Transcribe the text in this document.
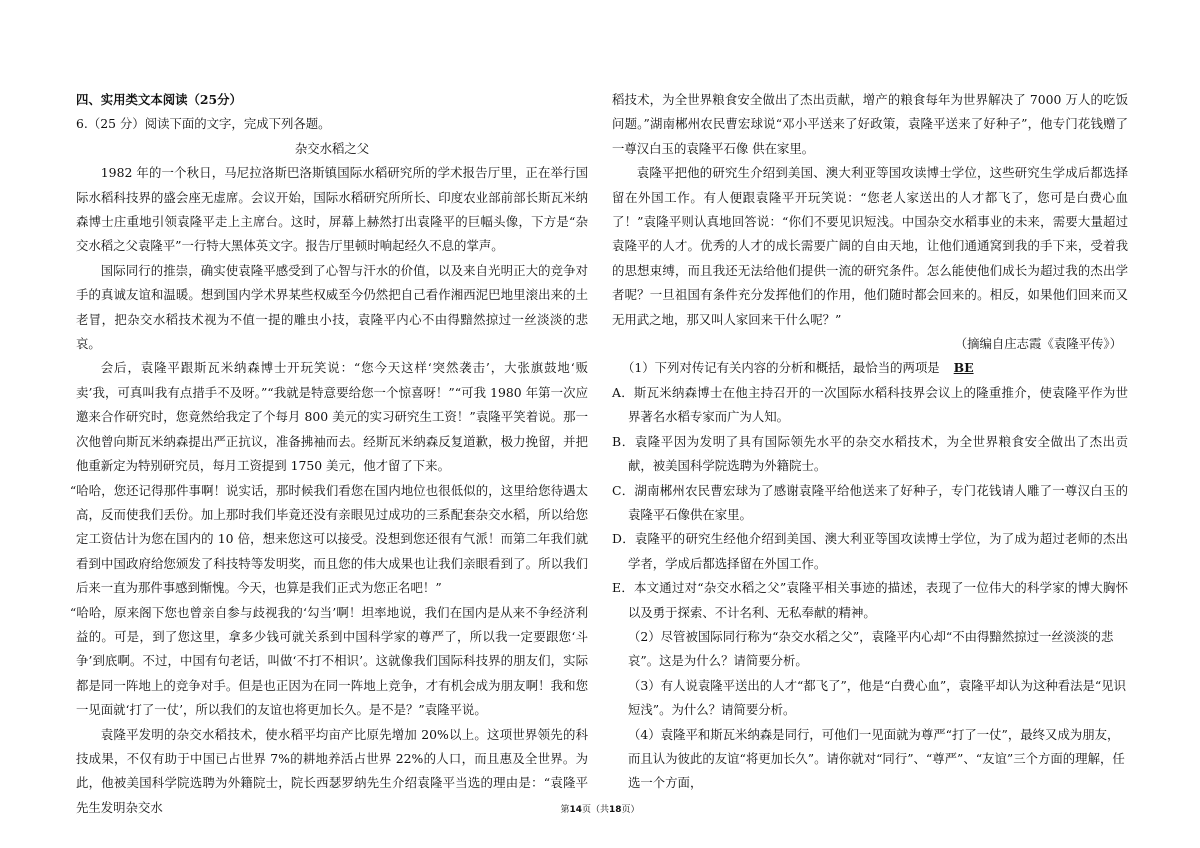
四、实用类文本阅读（25分）

6.（25 分）阅读下面的文字，完成下列各题。

杂交水稻之父

1982 年的一个秋日，马尼拉洛斯巴洛斯镇国际水稻研究所的学术报告厅里，正在举行国际水稻科技界的盛会座无虚席。会议开始，国际水稻研究所所长、印度农业部前部长斯瓦米纳森博士庄重地引领袁隆平走上主席台。这时，屏幕上赫然打出袁隆平的巨幅头像，下方是“杂交水稻之父袁隆平”一行特大黑体英文字。报告厅里顿时响起经久不息的掌声。

国际同行的推崇，确实使袁隆平感受到了心智与汗水的价值，以及来自光明正大的竞争对手的真诚友谊和温暖。想到国内学术界某些权威至今仍然把自己看作湘西泥巴地里滚出来的土老冒，把杂交水稻技术视为不值一提的雕虫小技，袁隆平内心不由得黯然掠过一丝淡淡的悲哀。

会后，袁隆平跟斯瓦米纳森博士开玩笑说：“您今天这样‘突然袭击’，大张旗鼓地‘贩卖’我，可真叫我有点措手不及呀。”“我就是特意要给您一个惊喜呀！”“可我 1980 年第一次应邀来合作研究时，您竟然给我定了个每月 800 美元的实习研究生工资！”袁隆平笑着说。那一次他曾向斯瓦米纳森提出严正抗议，准备拂袖而去。经斯瓦米纳森反复道歉，极力挽留，并把他重新定为特别研究员，每月工资提到 1750 美元，他才留了下来。

“哈哈，您还记得那件事啊！说实话，那时候我们看您在国内地位也很低似的，这里给您待遇太高，反而使我们丢份。加上那时我们毕竟还没有亲眼见过成功的三系配套杂交水稻，所以给您定工资估计为您在国内的 10 倍，想来您这可以接受。没想到您还很有气派！而第二年我们就看到中国政府给您颁发了科技特等发明奖，而且您的伟大成果也让我们亲眼看到了。所以我们后来一直为那件事感到惭愧。今天，也算是我们正式为您正名吧！”

“哈哈，原来阁下您也曾亲自参与歧视我的‘勾当’啊！坦率地说，我们在国内是从来不争经济利益的。可是，到了您这里，拿多少钱可就关系到中国科学家的尊严了，所以我一定要跟您‘斗争’到底啊。不过，中国有句老话，叫做‘不打不相识’。这就像我们国际科技界的朋友们，实际都是同一阵地上的竞争对手。但是也正因为在同一阵地上竞争，才有机会成为朋友啊！我和您一见面就‘打了一仗’，所以我们的友谊也将更加长久。是不是？”袁隆平说。

袁隆平发明的杂交水稻技术，使水稻平均亩产比原先增加 20%以上。这项世界领先的科技成果，不仅有助于中国已占世界 7%的耕地养活占世界 22%的人口，而且惠及全世界。为此，他被美国科学院选聘为外籍院士，院长西瑟罗纳先生介绍袁隆平当选的理由是：“袁隆平先生发明杂交水

稻技术，为全世界粮食安全做出了杰出贡献，增产的粮食每年为世界解决了 7000 万人的吃饭问题。”湖南郴州农民曹宏球说“邓小平送来了好政策，袁隆平送来了好种子”，他专门花钱赠了一尊汉白玉的袁隆平石像 供在家里。

袁隆平把他的研究生介绍到美国、澳大利亚等国攻读博士学位，这些研究生学成后都选择留在外国工作。有人便跟袁隆平开玩笑说：“您老人家送出的人才都飞了，您可是白费心血了！”袁隆平则认真地回答说：“你们不要见识短浅。中国杂交水稻事业的未来，需要大量超过袁隆平的人才。优秀的人才的成长需要广阔的自由天地，让他们通通窝到我的手下来，受着我的思想束缚，而且我还无法给他们提供一流的研究条件。怎么能使他们成长为超过我的杰出学者呢？一旦祖国有条件充分发挥他们的作用，他们随时都会回来的。相反，如果他们回来而又无用武之地，那又叫人家回来干什么呢？”

（摘编自庄志霞《袁隆平传》）

（1）下列对传记有关内容的分析和概括，最恰当的两项是 BE

A．斯瓦米纳森博士在他主持召开的一次国际水稻科技界会议上的隆重推介，使袁隆平作为世界著名水稻专家而广为人知。

B．袁隆平因为发明了具有国际领先水平的杂交水稻技术，为全世界粮食安全做出了杰出贡献，被美国科学院选聘为外籍院士。

C．湖南郴州农民曹宏球为了感谢袁隆平给他送来了好种子，专门花钱请人雕了一尊汉白玉的袁隆平石像供在家里。

D．袁隆平的研究生经他介绍到美国、澳大利亚等国攻读博士学位，为了成为超过老师的杰出学者，学成后都选择留在外国工作。

E．本文通过对“杂交水稻之父”袁隆平相关事迹的描述，表现了一位伟大的科学家的博大胸怀以及勇于探索、不计名利、无私奉献的精神。

（2）尽管被国际同行称为“杂交水稻之父”，袁隆平内心却“不由得黯然掠过一丝淡淡的悲哀”。这是为什么？请简要分析。

（3）有人说袁隆平送出的人才“都飞了”，他是“白费心血”，袁隆平却认为这种看法是“见识短浅”。为什么？请简要分析。

（4）袁隆平和斯瓦米纳森是同行，可他们一见面就为尊严“打了一仗”，最终又成为朋友，而且认为彼此的友谊“将更加长久”。请你就对“同行”、“尊严”、“友谊”三个方面的理解，任选一个方面，

第14页（共18页）
